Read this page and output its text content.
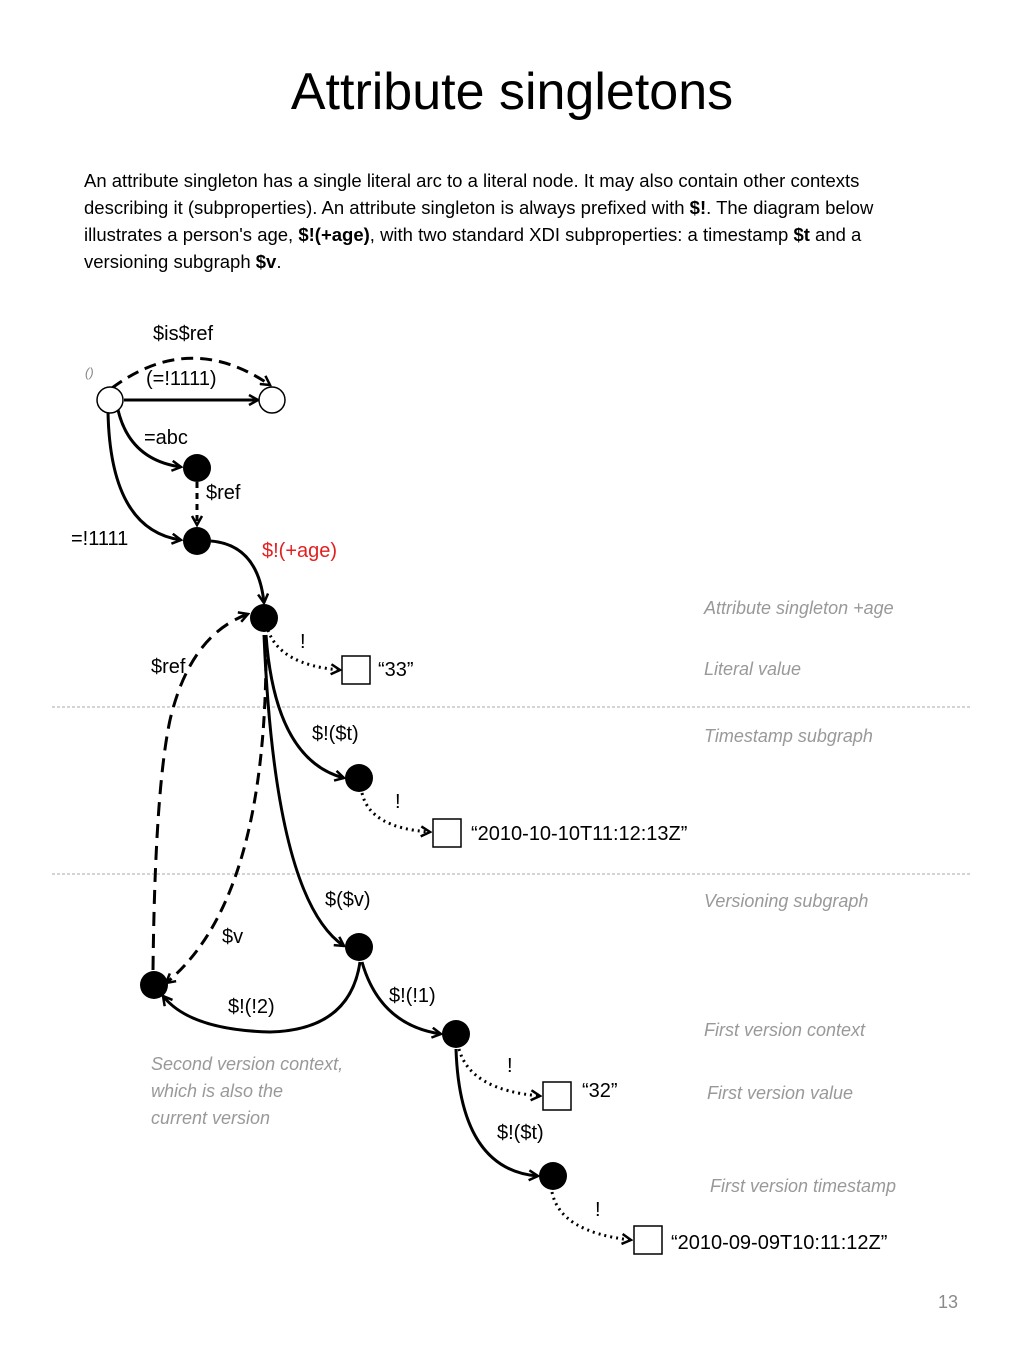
Attribute singletons
An attribute singleton has a single literal arc to a literal node. It may also contain other contexts describing it (subproperties). An attribute singleton is always prefixed with $!. The diagram below illustrates a person's age, $!(+age), with two standard XDI subproperties: a timestamp $t and a versioning subgraph $v.
()
$is$ref
(=!1111)
=abc
$ref
=!1111
$!(+age)
!
$ref
$!($t)
!
$($v)
$v
$!(!2)	$!(!1)
!
$!($t)
!
“33”
“2010-10-10T11:12:13Z”
“32”
“2010-09-09T10:11:12Z”
Attribute singleton +age
Literal value
Timestamp subgraph
Versioning subgraph
First version context
First version value
First version timestamp
Second version context,
which is also the
current version
13
